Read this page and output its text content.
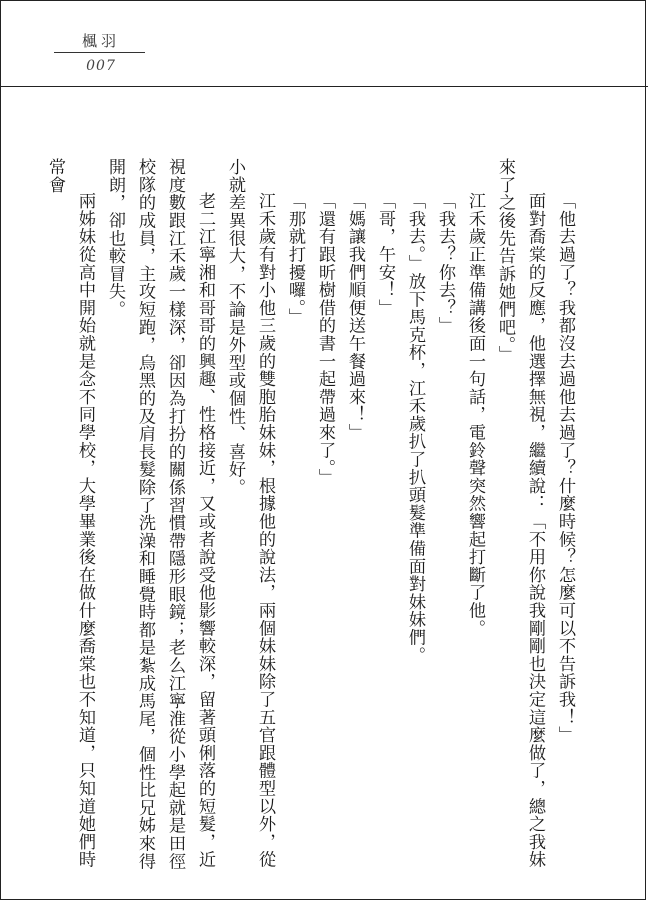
楓羽
007

「他去過了？我都沒去過他去過了？什麼時候？怎麼可以不告訴我！」

面對喬棠的反應，他選擇無視，繼續說：「不用你說我剛剛也決定這麼做了，總之我妹來了之後先告訴她們吧。」

江禾歲正準備講後面一句話，電鈴聲突然響起打斷了他。

「我去？你去？」

「我去。」放下馬克杯，江禾歲扒了扒頭髮準備面對妹妹們。

「哥，午安！」

「媽讓我們順便送午餐過來！」

「還有跟昕樹借的書一起帶過來了。」

「那就打擾囉。」

江禾歲有對小他三歲的雙胞胎妹妹，根據他的說法，兩個妹妹除了五官跟體型以外，從小就差異很大，不論是外型或個性、喜好。

老二江寧湘和哥哥的興趣、性格接近，又或者說受他影響較深，留著頭俐落的短髮，近視度數跟江禾歲一樣深，卻因為打扮的關係習慣帶隱形眼鏡；老么江寧淮從小學起就是田徑校隊的成員，主攻短跑，烏黑的及肩長髮除了洗澡和睡覺時都是紮成馬尾，個性比兄姊來得開朗，卻也較冒失。

兩姊妹從高中開始就是念不同學校，大學畢業後在做什麼喬棠也不知道，只知道她們時常會
